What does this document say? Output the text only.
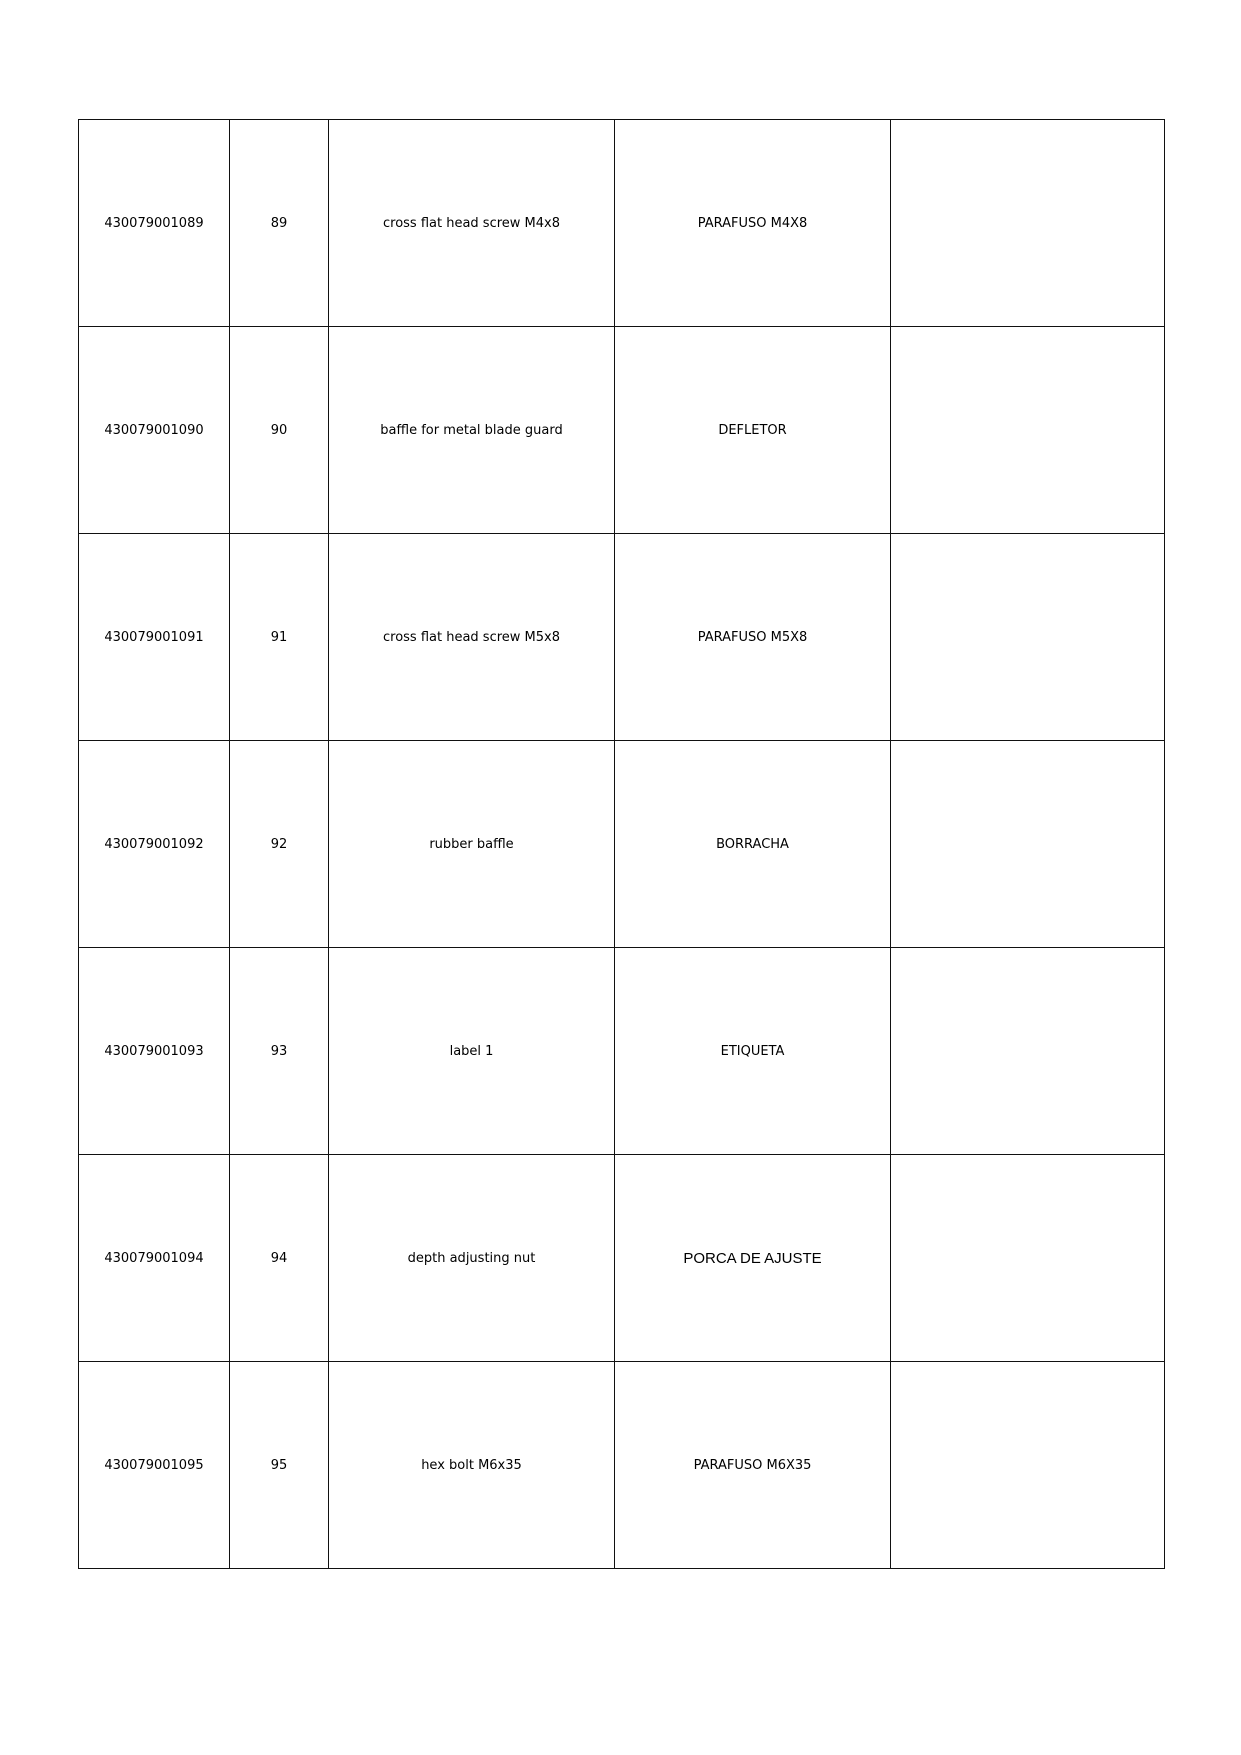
430079001089	89	cross flat head screw M4x8	PARAFUSO M4X8	
430079001090	90	baffle for metal blade guard	DEFLETOR	
430079001091	91	cross flat head screw M5x8	PARAFUSO M5X8	
430079001092	92	rubber baffle	BORRACHA	
430079001093	93	label 1	ETIQUETA	
430079001094	94	depth adjusting nut	PORCA DE AJUSTE	
430079001095	95	hex bolt M6x35	PARAFUSO M6X35	
